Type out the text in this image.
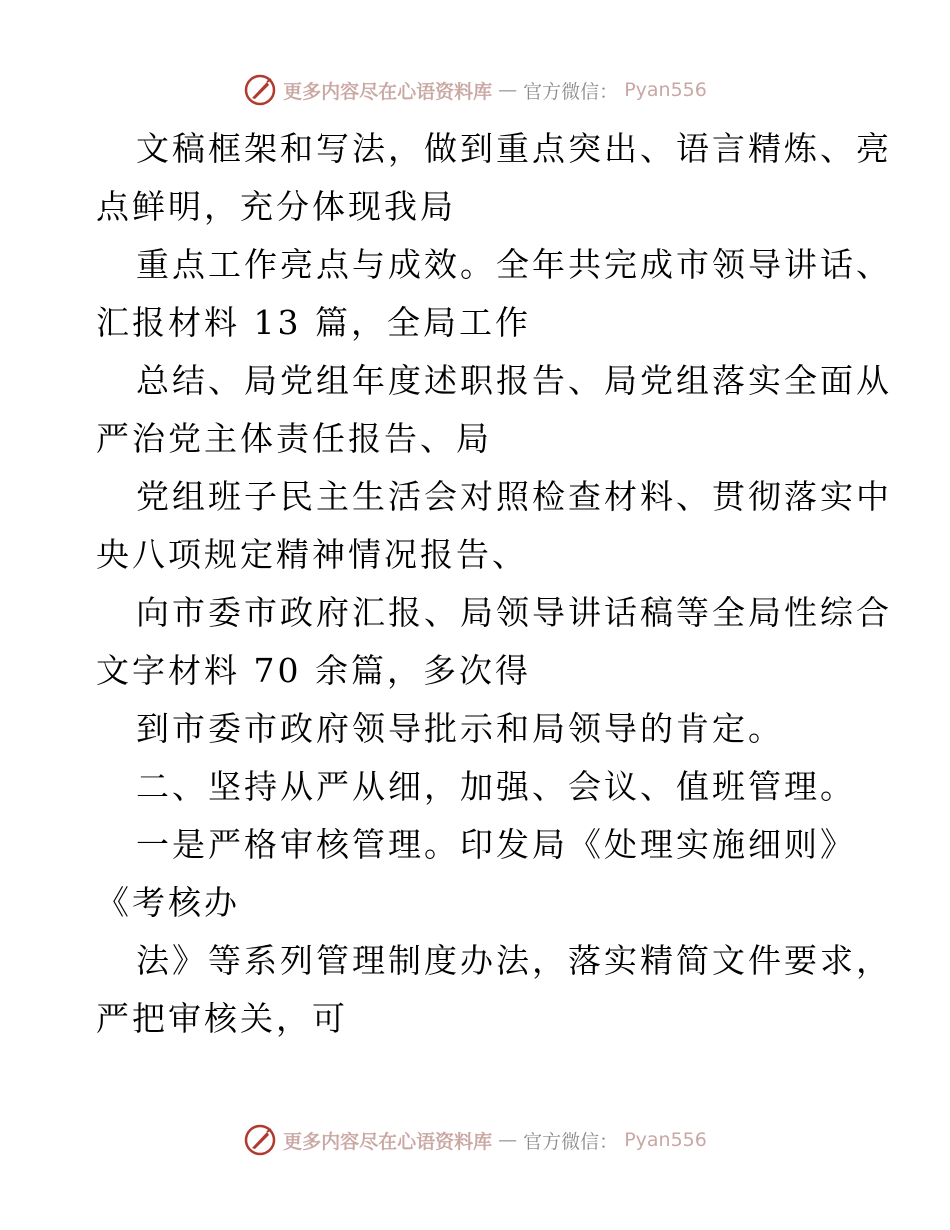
更多内容尽在心语资料库 — 官方微信： Pyan556
文稿框架和写法，做到重点突出、语言精炼、亮
点鲜明，充分体现我局
重点工作亮点与成效。全年共完成市领导讲话、
汇报材料 13 篇，全局工作
总结、局党组年度述职报告、局党组落实全面从
严治党主体责任报告、局
党组班子民主生活会对照检查材料、贯彻落实中
央八项规定精神情况报告、
向市委市政府汇报、局领导讲话稿等全局性综合
文字材料 70 余篇，多次得
到市委市政府领导批示和局领导的肯定。
二、坚持从严从细，加强、会议、值班管理。
一是严格审核管理。印发局《处理实施细则》
《考核办
法》等系列管理制度办法，落实精简文件要求，
严把审核关，可
更多内容尽在心语资料库 — 官方微信： Pyan556
